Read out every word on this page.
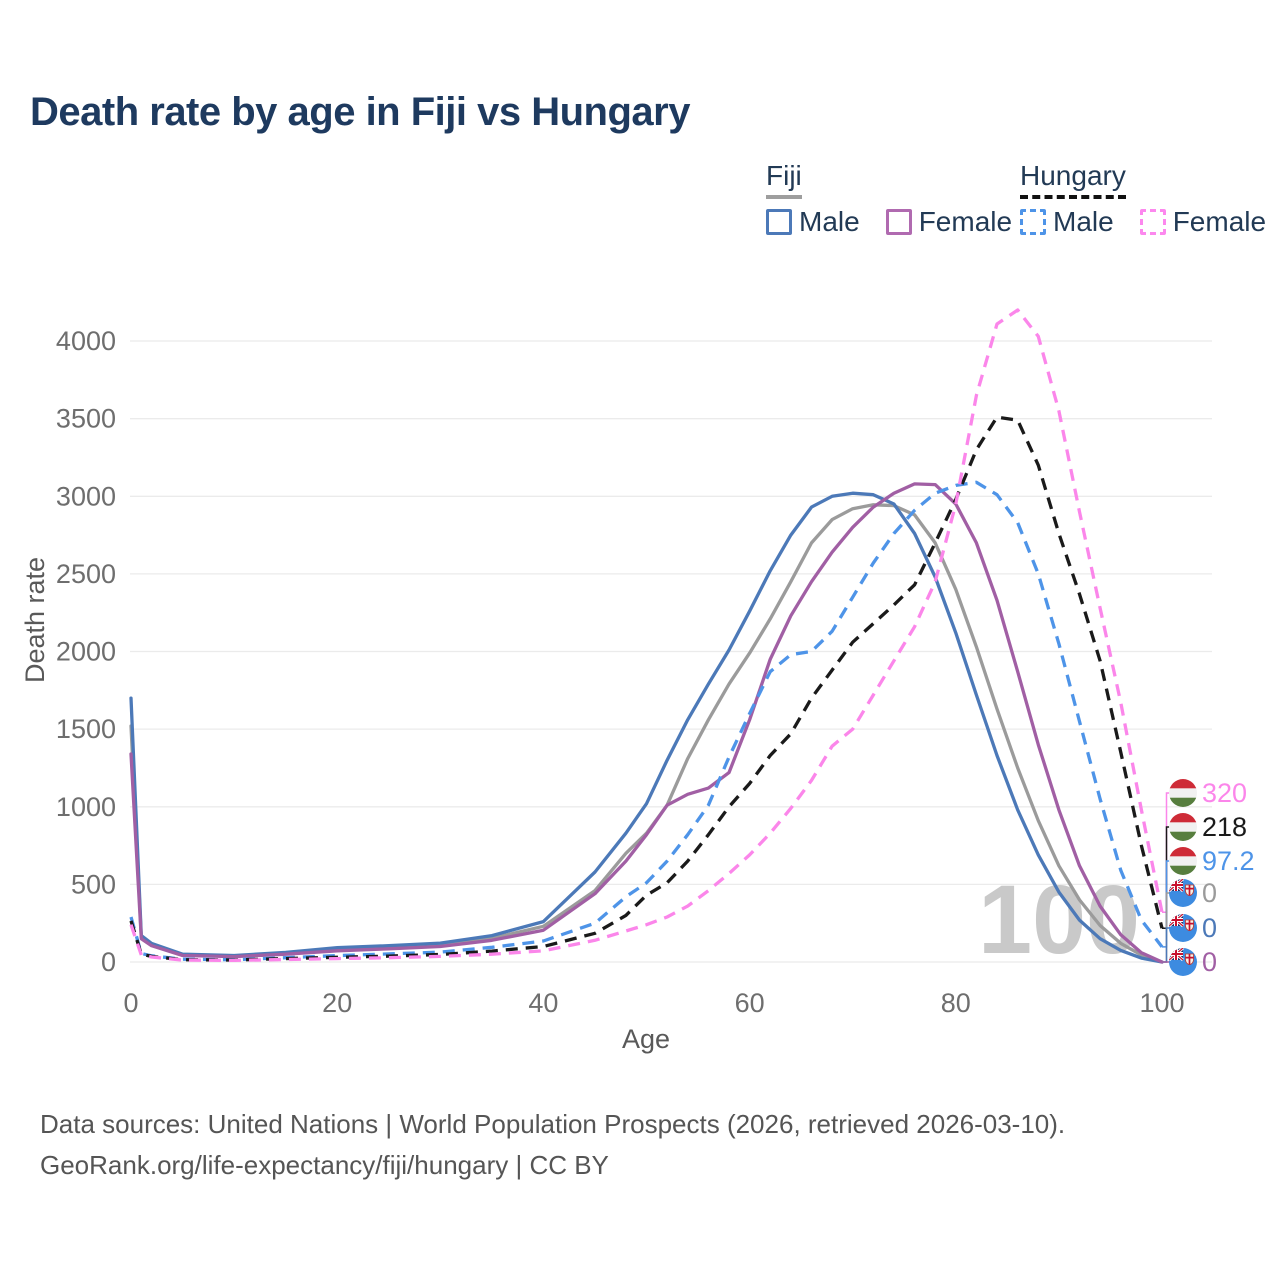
Death rate by age in Fiji vs Hungary
Fiji
Male Female
Hungary
Male Female
100
0
500
1000
1500
2000
2500
3000
3500
4000
0	20	40	60	80	100
Age
Death rate
320
218
97.2
0
0
0
Data sources: United Nations | World Population Prospects (2026, retrieved 2026-03-10).
GeoRank.org/life-expectancy/fiji/hungary | CC BY
